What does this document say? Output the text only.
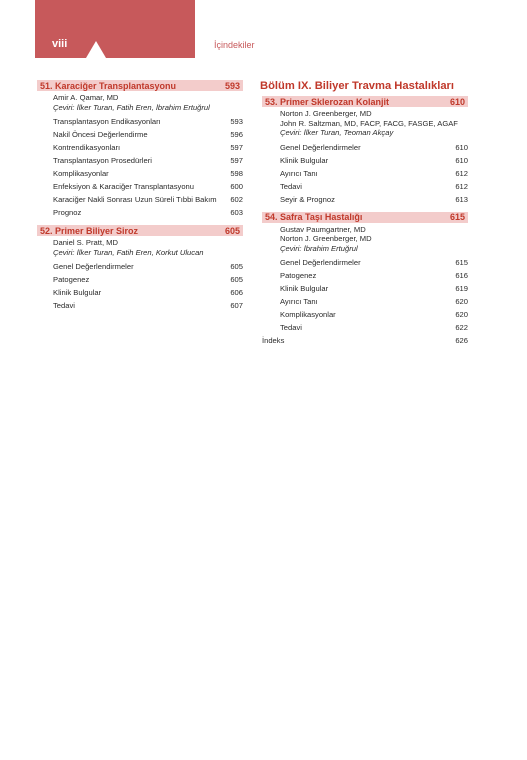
viii	İçindekiler
51. Karaciğer Transplantasyonu	593
Amir A. Qamar, MD
Çeviri: İlker Turan, Fatih Eren, İbrahim Ertuğrul
Transplantasyon Endikasyonları	593
Nakil Öncesi Değerlendirme	596
Kontrendikasyonları	597
Transplantasyon Prosedürleri	597
Komplikasyonlar	598
Enfeksiyon & Karaciğer Transplantasyonu	600
Karaciğer Nakli Sonrası Uzun Süreli Tıbbi Bakım	602
Prognoz	603
52. Primer Biliyer Siroz	605
Daniel S. Pratt, MD
Çeviri: İlker Turan, Fatih Eren, Korkut Ulucan
Genel Değerlendirmeler	605
Patogenez	605
Klinik Bulgular	606
Tedavi	607
Bölüm IX. Biliyer Travma Hastalıkları
53. Primer Sklerozan Kolanjit	610
Norton J. Greenberger, MD
John R. Saltzman, MD, FACP, FACG, FASGE, AGAF
Çeviri: İlker Turan, Teoman Akçay
Genel Değerlendirmeler	610
Klinik Bulgular	610
Ayırıcı Tanı	612
Tedavi	612
Seyir & Prognoz	613
54. Safra Taşı Hastalığı	615
Gustav Paumgartner, MD
Norton J. Greenberger, MD
Çeviri: İbrahim Ertuğrul
Genel Değerlendirmeler	615
Patogenez	616
Klinik Bulgular	619
Ayırıcı Tanı	620
Komplikasyonlar	620
Tedavi	622
İndeks	626
